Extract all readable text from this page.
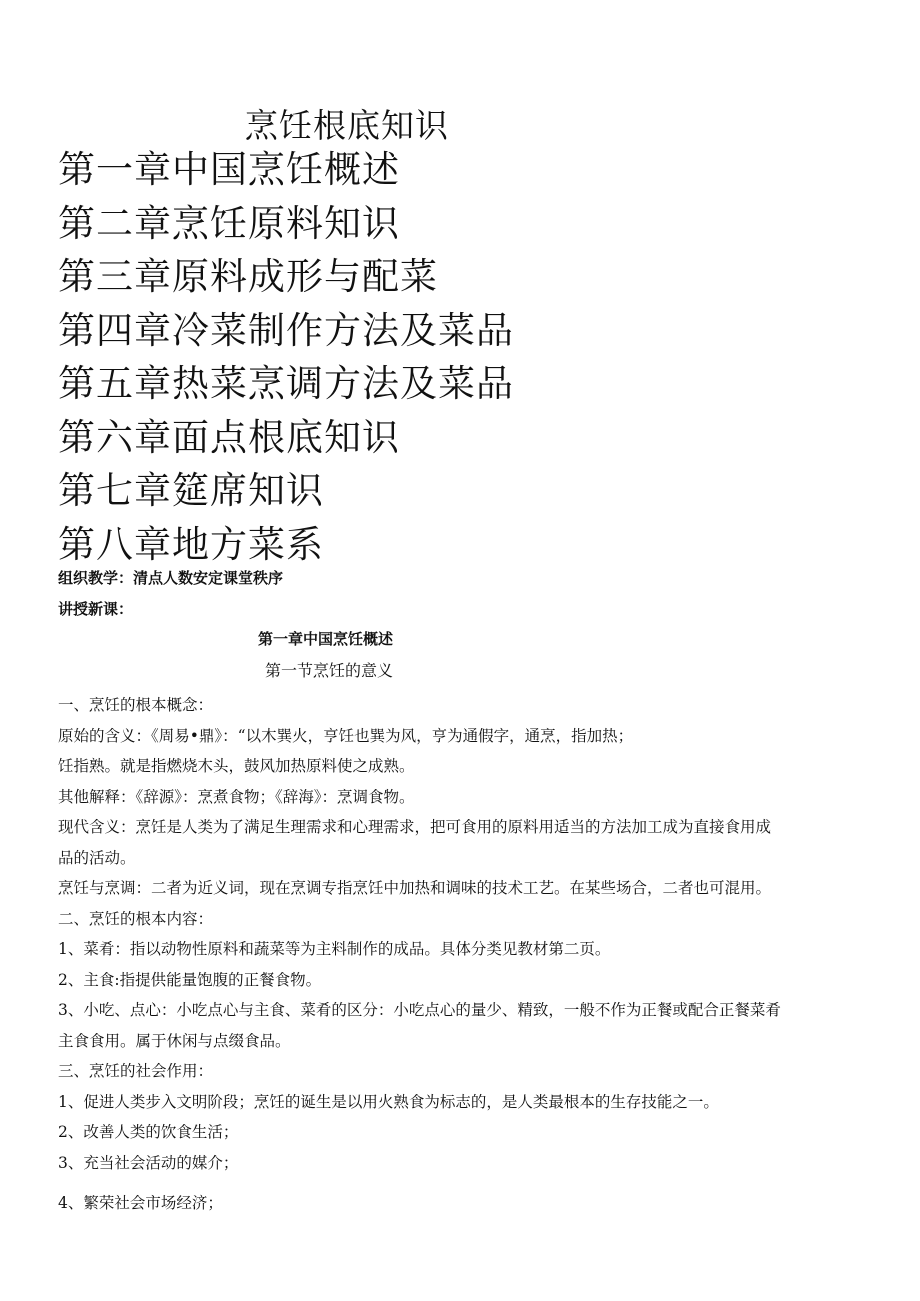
烹饪根底知识
第一章中国烹饪概述
第二章烹饪原料知识
第三章原料成形与配菜
第四章冷菜制作方法及菜品
第五章热菜烹调方法及菜品
第六章面点根底知识
第七章筵席知识
第八章地方菜系

组织教学：清点人数安定课堂秩序

讲授新课：

第一章中国烹饪概述
第一节烹饪的意义

一、烹饪的根本概念：

原始的含义：《周易•鼎》：“以木巽火，亨饪也巽为风，亨为通假字，通烹，指加热；

饪指熟。就是指燃烧木头，鼓风加热原料使之成熟。

其他解释：《辞源》：烹煮食物；《辞海》：烹调食物。

现代含义：烹饪是人类为了满足生理需求和心理需求，把可食用的原料用适当的方法加工成为直接食用成

品的活动。

烹饪与烹调：二者为近义词，现在烹调专指烹饪中加热和调味的技术工艺。在某些场合，二者也可混用。

二、烹饪的根本内容：

1、菜肴：指以动物性原料和蔬菜等为主料制作的成品。具体分类见教材第二页。

2、主食:指提供能量饱腹的正餐食物。

3、小吃、点心：小吃点心与主食、菜肴的区分：小吃点心的量少、精致，一般不作为正餐或配合正餐菜肴

主食食用。属于休闲与点缀食品。

三、烹饪的社会作用：

1、促进人类步入文明阶段；烹饪的诞生是以用火熟食为标志的，是人类最根本的生存技能之一。

2、改善人类的饮食生活；

3、充当社会活动的媒介；

4、繁荣社会市场经济；
